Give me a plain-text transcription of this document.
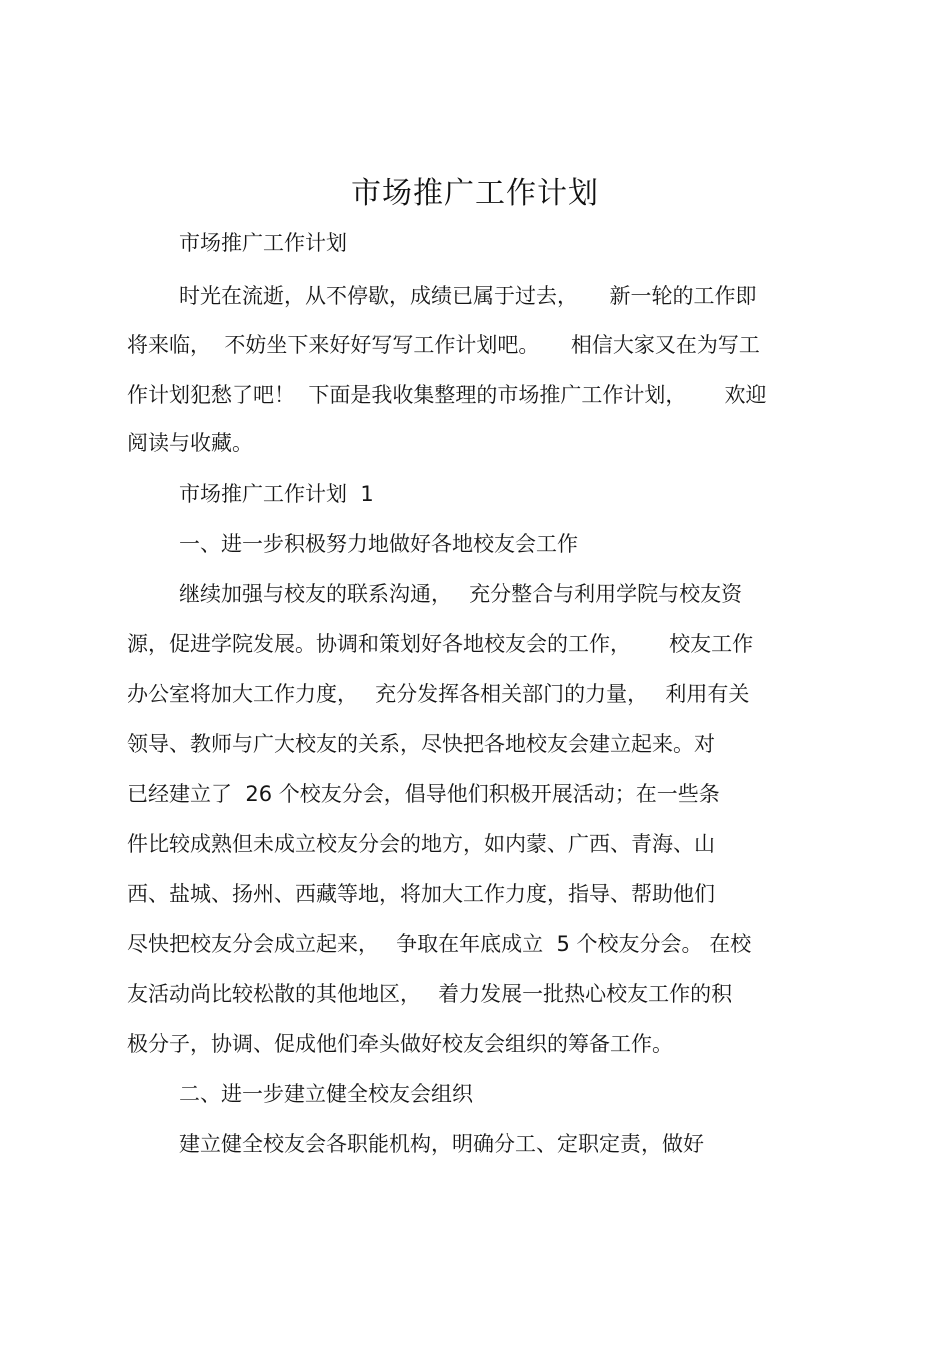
市场推广工作计划
市场推广工作计划
时光在流逝，从不停歇，成绩已属于过去，　　新一轮的工作即
将来临，  不妨坐下来好好写写工作计划吧。　　相信大家又在为写工
作计划犯愁了吧！  下面是我收集整理的市场推广工作计划，　　 欢迎
阅读与收藏。
市场推广工作计划  1
一、进一步积极努力地做好各地校友会工作
继续加强与校友的联系沟通，　 充分整合与利用学院与校友资
源，促进学院发展。协调和策划好各地校友会的工作，　　 校友工作
办公室将加大工作力度，　 充分发挥各相关部门的力量，　 利用有关
领导、教师与广大校友的关系，尽快把各地校友会建立起来。对
已经建立了  26 个校友分会，倡导他们积极开展活动；在一些条
件比较成熟但未成立校友分会的地方，如内蒙、广西、青海、山
西、盐城、扬州、西藏等地，将加大工作力度，指导、帮助他们
尽快把校友分会成立起来，　 争取在年底成立  5 个校友分会。 在校
友活动尚比较松散的其他地区，　 着力发展一批热心校友工作的积
极分子，协调、促成他们牵头做好校友会组织的筹备工作。
二、进一步建立健全校友会组织
建立健全校友会各职能机构，明确分工、定职定责，做好
